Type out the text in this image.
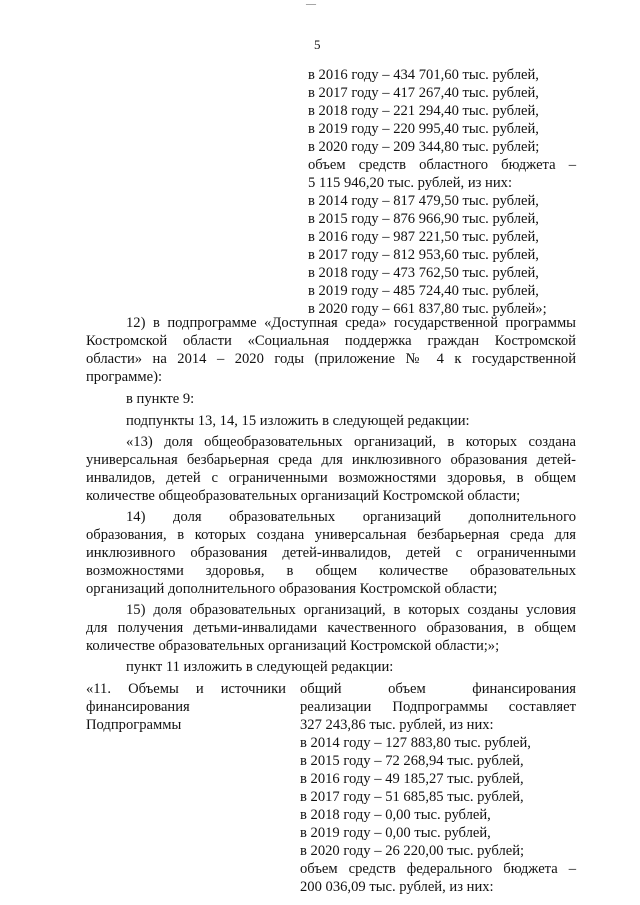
—
5
в 2016 году – 434 701,60 тыс. рублей,
в 2017 году – 417 267,40 тыс. рублей,
в 2018 году – 221 294,40 тыс. рублей,
в 2019 году – 220 995,40 тыс. рублей,
в 2020 году – 209 344,80 тыс. рублей;
объем средств областного бюджета –
5 115 946,20 тыс. рублей, из них:
в 2014 году – 817 479,50 тыс. рублей,
в 2015 году – 876 966,90 тыс. рублей,
в 2016 году – 987 221,50 тыс. рублей,
в 2017 году – 812 953,60 тыс. рублей,
в 2018 году – 473 762,50 тыс. рублей,
в 2019 году – 485 724,40 тыс. рублей,
в 2020 году – 661 837,80 тыс. рублей»;
12) в подпрограмме «Доступная среда» государственной программы
Костромской области «Социальная поддержка граждан Костромской
области» на 2014 – 2020 годы (приложение № 4 к государственной
программе):
в пункте 9:
подпункты 13, 14, 15 изложить в следующей редакции:
«13) доля общеобразовательных организаций, в которых создана
универсальная безбарьерная среда для инклюзивного образования детей-
инвалидов, детей с ограниченными возможностями здоровья, в общем
количестве общеобразовательных организаций Костромской области;
14) доля образовательных организаций дополнительного
образования, в которых создана универсальная безбарьерная среда для
инклюзивного образования детей-инвалидов, детей с ограниченными
возможностями здоровья, в общем количестве образовательных
организаций дополнительного образования Костромской области;
15) доля образовательных организаций, в которых созданы условия
для получения детьми-инвалидами качественного образования, в общем
количестве образовательных организаций Костромской области;»;
пункт 11 изложить в следующей редакции:
«11. Объемы и источники
финансирования
Подпрограммы
общий объем финансирования
реализации Подпрограммы составляет
327 243,86 тыс. рублей, из них:
в 2014 году – 127 883,80 тыс. рублей,
в 2015 году – 72 268,94 тыс. рублей,
в 2016 году – 49 185,27 тыс. рублей,
в 2017 году – 51 685,85 тыс. рублей,
в 2018 году – 0,00 тыс. рублей,
в 2019 году – 0,00 тыс. рублей,
в 2020 году – 26 220,00 тыс. рублей;
объем средств федерального бюджета –
200 036,09 тыс. рублей, из них:
